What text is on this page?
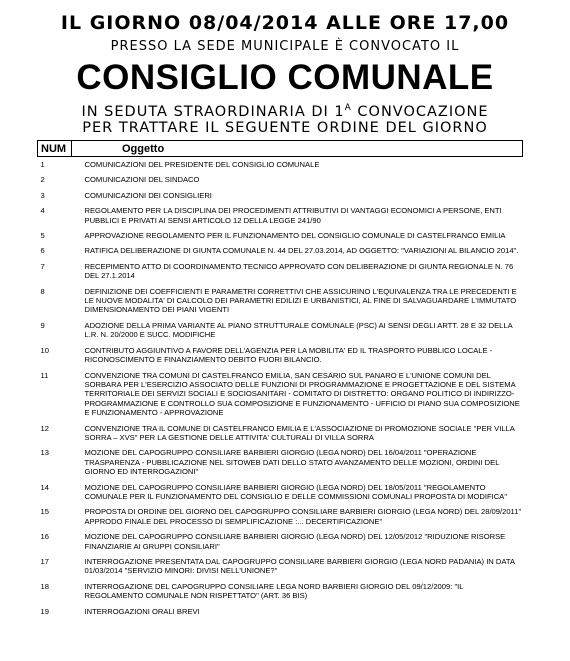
IL GIORNO 08/04/2014 ALLE ORE 17,00
PRESSO LA SEDE MUNICIPALE È CONVOCATO IL
CONSIGLIO COMUNALE
IN SEDUTA STRAORDINARIA DI $1^A$ CONVOCAZIONE
PER TRATTARE IL SEGUENTE ORDINE DEL GIORNO
NUM	Oggetto
1	COMUNICAZIONI DEL PRESIDENTE DEL CONSIGLIO COMUNALE
2	COMUNICAZIONI DEL SINDACO
3	COMUNICAZIONI DEI CONSIGLIERI
4	REGOLAMENTO PER LA DISCIPLINA DEI PROCEDIMENTI ATTRIBUTIVI DI VANTAGGI ECONOMICI A PERSONE, ENTI PUBBLICI E PRIVATI AI SENSI ARTICOLO 12 DELLA LEGGE 241/90
5	APPROVAZIONE REGOLAMENTO PER IL FUNZIONAMENTO DEL CONSIGLIO COMUNALE DI CASTELFRANCO EMILIA
6	RATIFICA DELIBERAZIONE DI GIUNTA COMUNALE N. 44 DEL 27.03.2014, AD OGGETTO: "VARIAZIONI AL BILANCIO 2014".
7	RECEPIMENTO ATTO DI COORDINAMENTO TECNICO APPROVATO CON DELIBERAZIONE DI GIUNTA REGIONALE N. 76 DEL 27.1.2014
8	DEFINIZIONE DEI COEFFICIENTI E PARAMETRI CORRETTIVI CHE ASSICURINO L'EQUIVALENZA TRA LE PRECEDENTI E LE NUOVE MODALITA' DI CALCOLO DEI PARAMETRI EDILIZI E URBANISTICI, AL FINE DI SALVAGUARDARE L'IMMUTATO DIMENSIONAMENTO DEI PIANI VIGENTI
9	ADOZIONE DELLA PRIMA VARIANTE AL PIANO STRUTTURALE COMUNALE (PSC) AI SENSI DEGLI ARTT. 28 E 32 DELLA L.R. N. 20/2000 E SUCC. MODIFICHE
10	CONTRIBUTO AGGIUNTIVO A FAVORE DELL'AGENZIA PER LA MOBILITA' ED IL TRASPORTO PUBBLICO LOCALE - RICONOSCIMENTO E FINANZIAMENTO DEBITO FUORI BILANCIO.
11	CONVENZIONE TRA COMUNI DI CASTELFRANCO EMILIA, SAN CESARIO SUL PANARO E L'UNIONE COMUNI DEL SORBARA PER L'ESERCIZIO ASSOCIATO DELLE FUNZIONI DI PROGRAMMAZIONE E PROGETTAZIONE E DEL SISTEMA TERRITORIALE DEI SERVIZI SOCIALI E SOCIOSANITARI - COMITATO DI DISTRETTO: ORGANO POLITICO DI INDIRIZZO-PROGRAMMAZIONE E CONTROLLO SUA COMPOSIZIONE E FUNZIONAMENTO - UFFICIO DI PIANO SUA COMPOSIZIONE E FUNZIONAMENTO - APPROVAZIONE
12	CONVENZIONE TRA IL COMUNE DI CASTELFRANCO EMILIA E L'ASSOCIAZIONE DI PROMOZIONE SOCIALE "PER VILLA SORRA – XVS" PER LA GESTIONE DELLE ATTIVITA' CULTURALI DI VILLA SORRA
13	MOZIONE DEL CAPOGRUPPO CONSILIARE BARBIERI GIORGIO (LEGA NORD) DEL 16/04/2011 "OPERAZIONE TRASPARENZA - PUBBLICAZIONE NEL SITOWEB DATI DELLO STATO AVANZAMENTO DELLE MOZIONI, ORDINI DEL GIORNO ED INTERROGAZIONI"
14	MOZIONE DEL CAPOGRUPPO CONSILIARE BARBIERI GIORGIO (LEGA NORD) DEL 18/05/2011 "REGOLAMENTO COMUNALE PER IL FUNZIONAMENTO DEL CONSIGLIO E DELLE COMMISSIONI COMUNALI PROPOSTA DI MODIFICA"
15	PROPOSTA DI ORDINE DEL GIORNO DEL CAPOGRUPPO CONSILIARE BARBIERI GIORGIO (LEGA NORD) DEL 28/09/2011" APPRODO FINALE DEL PROCESSO DI SEMPLIFICAZIONE :... DECERTIFICAZIONE"
16	MOZIONE DEL CAPOGRUPPO CONSILIARE BARBIERI GIORGIO (LEGA NORD) DEL 12/05/2012 "RIDUZIONE RISORSE FINANZIARIE AI GRUPPI CONSILIARI"
17	INTERROGAZIONE PRESENTATA DAL CAPOGRUPPO CONSILIARE BARBIERI GIORGIO (LEGA NORD PADANIA) IN DATA 01/03/2014 "SERVIZIO MINORI: DIVISI NELL'UNIONE?"
18	INTERROGAZIONE DEL CAPOGRUPPO CONSILIARE LEGA NORD BARBIERI GIORGIO DEL 09/12/2009: "IL REGOLAMENTO COMUNALE NON RISPETTATO" (ART. 36 BIS)
19	INTERROGAZIONI ORALI BREVI
